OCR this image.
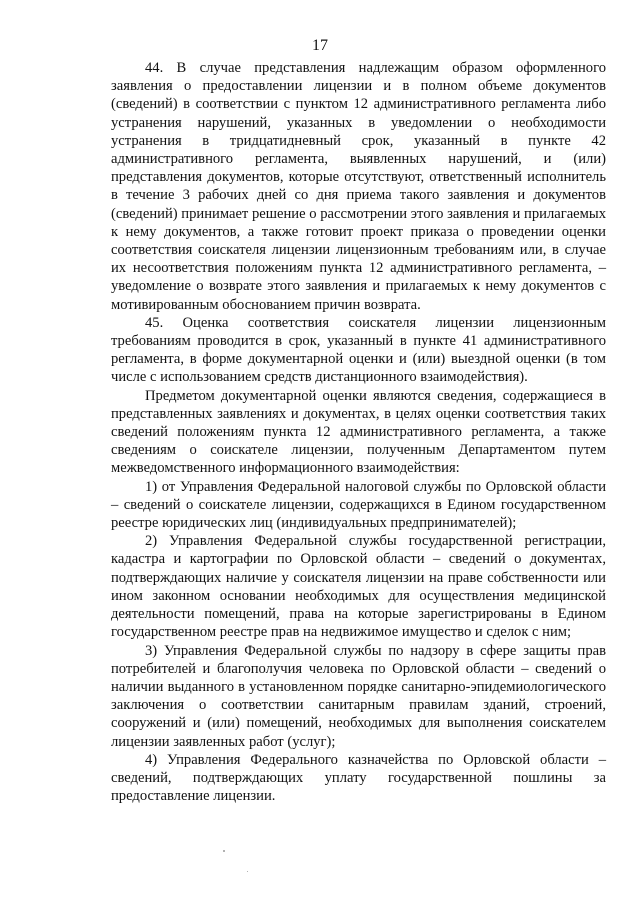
17

44. В случае представления надлежащим образом оформленного заявления о предоставлении лицензии и в полном объеме документов (сведений) в соответствии с пунктом 12 административного регламента либо устранения нарушений, указанных в уведомлении о необходимости устранения в тридцатидневный срок, указанный в пункте 42 административного регламента, выявленных нарушений, и (или) представления документов, которые отсутствуют, ответственный исполнитель в течение 3 рабочих дней со дня приема такого заявления и документов (сведений) принимает решение о рассмотрении этого заявления и прилагаемых к нему документов, а также готовит проект приказа о проведении оценки соответствия соискателя лицензии лицензионным требованиям или, в случае их несоответствия положениям пункта 12 административного регламента, – уведомление о возврате этого заявления и прилагаемых к нему документов с мотивированным обоснованием причин возврата.

45. Оценка соответствия соискателя лицензии лицензионным требованиям проводится в срок, указанный в пункте 41 административного регламента, в форме документарной оценки и (или) выездной оценки (в том числе с использованием средств дистанционного взаимодействия).

Предметом документарной оценки являются сведения, содержащиеся в представленных заявлениях и документах, в целях оценки соответствия таких сведений положениям пункта 12 административного регламента, а также сведениям о соискателе лицензии, полученным Департаментом путем межведомственного информационного взаимодействия:

1) от Управления Федеральной налоговой службы по Орловской области – сведений о соискателе лицензии, содержащихся в Едином государственном реестре юридических лиц (индивидуальных предпринимателей);

2) Управления Федеральной службы государственной регистрации, кадастра и картографии по Орловской области – сведений о документах, подтверждающих наличие у соискателя лицензии на праве собственности или ином законном основании необходимых для осуществления медицинской деятельности помещений, права на которые зарегистрированы в Едином государственном реестре прав на недвижимое имущество и сделок с ним;

3) Управления Федеральной службы по надзору в сфере защиты прав потребителей и благополучия человека по Орловской области – сведений о наличии выданного в установленном порядке санитарно-эпидемиологического заключения о соответствии санитарным правилам зданий, строений, сооружений и (или) помещений, необходимых для выполнения соискателем лицензии заявленных работ (услуг);

4) Управления Федерального казначейства по Орловской области – сведений, подтверждающих уплату государственной пошлины за предоставление лицензии.
